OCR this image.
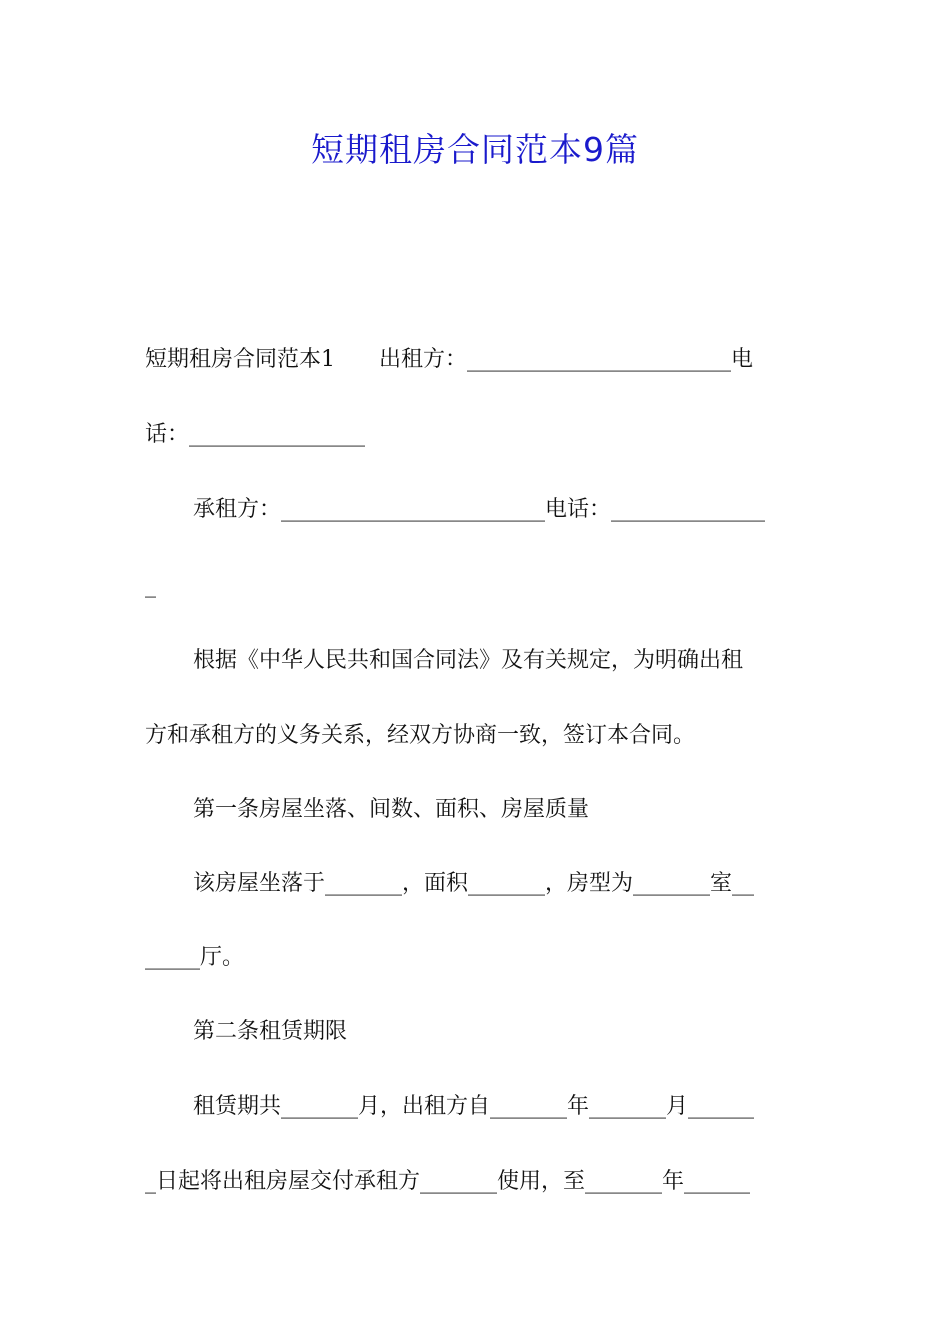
短期租房合同范本9篇
短期租房合同范本1　　出租方：________________________电
话：________________
承租方：________________________电话：______________
_
根据《中华人民共和国合同法》及有关规定，为明确出租
方和承租方的义务关系，经双方协商一致，签订本合同。
第一条房屋坐落、间数、面积、房屋质量
该房屋坐落于_______，面积_______，房型为_______室__
_____厅。
第二条租赁期限
租赁期共_______月，出租方自_______年_______月______
_日起将出租房屋交付承租方_______使用，至_______年______
